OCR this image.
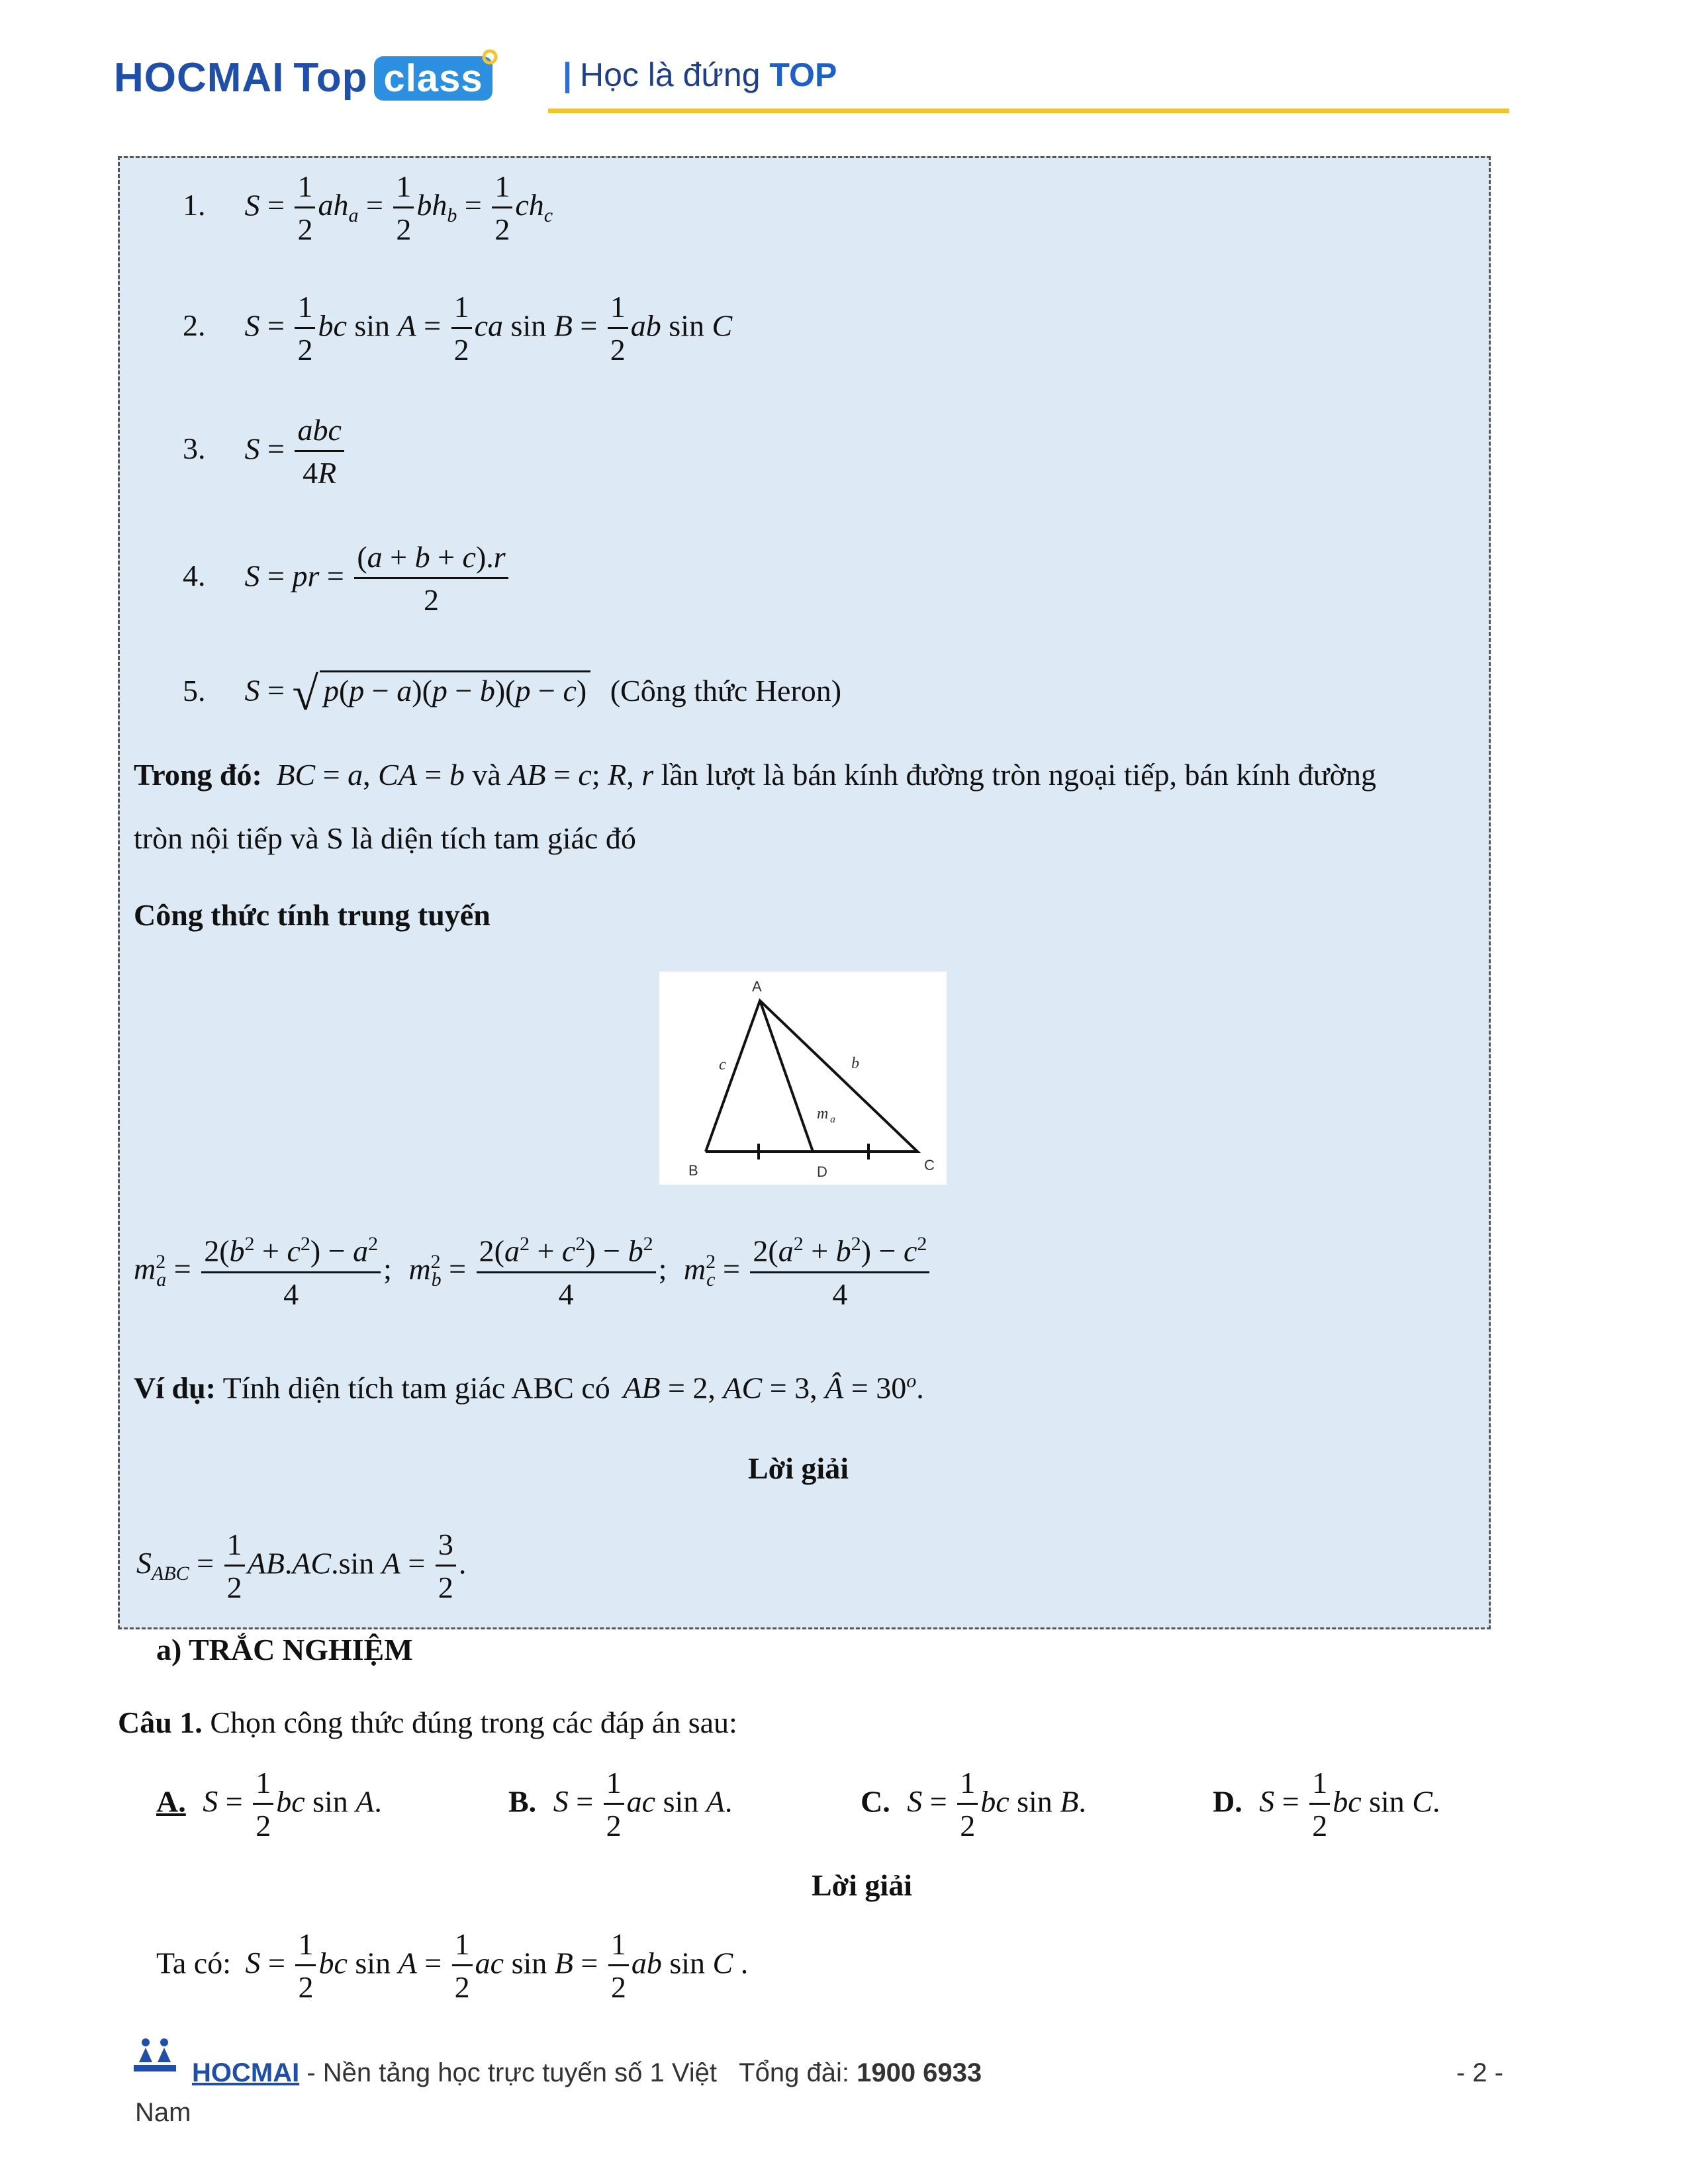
HOCMAI Top class | Học là đứng TOP
1. $S = \frac{1}{2} ah_a = \frac{1}{2} bh_b = \frac{1}{2} ch_c$
2. $S = \frac{1}{2}$ bc $\sin A = \frac{1}{2}$ ca $\sin B = \frac{1}{2}$ ab sin C
3. $S = \frac{\text{abc}}{4R}$
4. S = pr = $\frac{(a + b + c).r}{2}$
5. S = √ p(p − a)(p − b)(p − c) (Công thức Heron)
Trong đó: BC = a, CA = b và AB = c; R, r lần lượt là bán kính đường tròn ngoại tiếp, bán kính đường
tròn nội tiếp và S là diện tích tam giác đó
Công thức tính trung tuyến
A
B	C
D
c	b
m a
$m^2_a = \frac{2(b^2 + c^2) - a^2}{4}$ ; $m^2_b = \frac{2(a^2 + c^2) - b^2}{4}$ ; $m^2_c = \frac{2(a^2 + b^2) - c^2}{4}$
Ví dụ: Tính diện tích tam giác ABC có AB = 2, AC = 3, Â = $30^o$.
Lời giải
$S_{ABC} = \frac{1}{2} AB.AC.\sin$ $A = \frac{3}{2}$ .
a) TRẮC NGHIỆM
Câu 1. Chọn công thức đúng trong các đáp án sau:
A. $S = \frac{1}{2}$ bc sin A.	B. $S = \frac{1}{2}$ ac sin A.	C. $S = \frac{1}{2}$ bc sin B.	D. $S = \frac{1}{2}$ bc sin C.
Lời giải
Ta có: $S = \frac{1}{2}$ bc $\sin A = \frac{1}{2}$ ac $\sin B = \frac{1}{2}$ ab sin C .
HOCMAI - Nền tảng học trực tuyến số 1 Việt Tổng đài: 1900 6933	- 2 -
Nam
